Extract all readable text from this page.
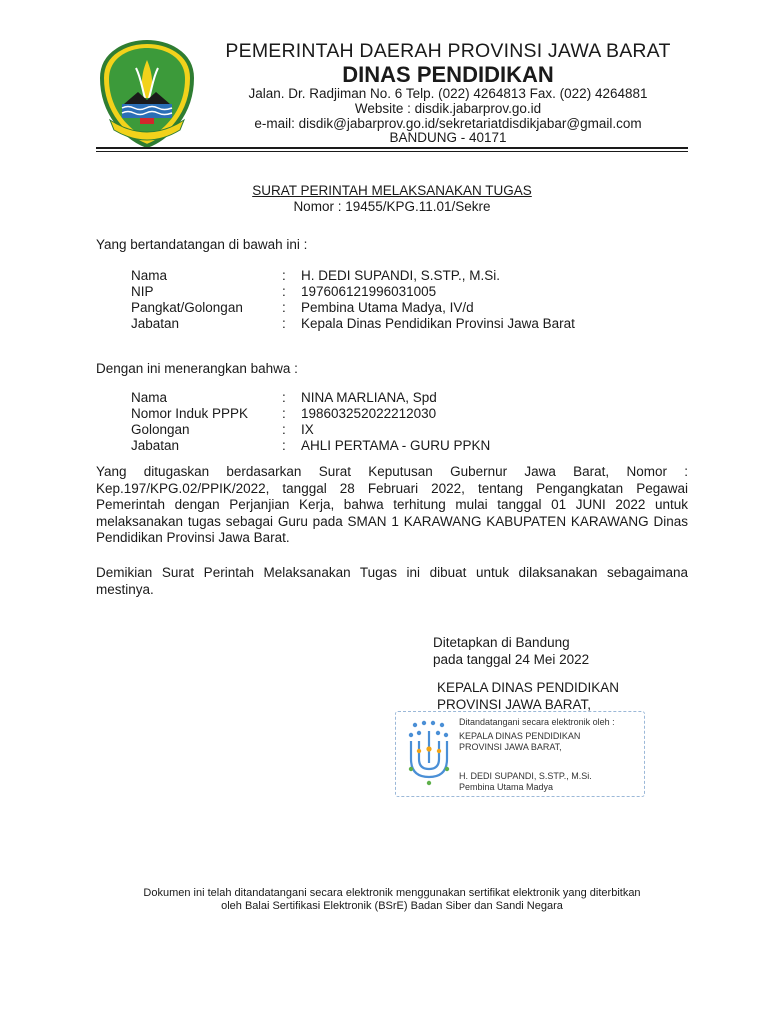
PEMERINTAH DAERAH PROVINSI JAWA BARAT
DINAS PENDIDIKAN
Jalan. Dr. Radjiman No. 6 Telp. (022) 4264813 Fax. (022) 4264881
Website : disdik.jabarprov.go.id
e-mail: disdik@jabarprov.go.id/sekretariatdisdikjabar@gmail.com
BANDUNG - 40171
SURAT PERINTAH MELAKSANAKAN TUGAS
Nomor : 19455/KPG.11.01/Sekre
Yang bertandatangan di bawah ini :
Nama	: H. DEDI SUPANDI, S.STP., M.Si.
NIP	: 197606121996031005
Pangkat/Golongan	: Pembina Utama Madya, IV/d
Jabatan	: Kepala Dinas Pendidikan Provinsi Jawa Barat
Dengan ini menerangkan bahwa :
Nama	: NINA MARLIANA, Spd
Nomor Induk PPPK	: 198603252022212030
Golongan	: IX
Jabatan	: AHLI PERTAMA - GURU PPKN
Yang ditugaskan berdasarkan Surat Keputusan Gubernur Jawa Barat, Nomor : Kep.197/KPG.02/PPIK/2022, tanggal 28 Februari 2022, tentang Pengangkatan Pegawai Pemerintah dengan Perjanjian Kerja, bahwa terhitung mulai tanggal 01 JUNI 2022 untuk melaksanakan tugas sebagai Guru pada SMAN 1 KARAWANG KABUPATEN KARAWANG Dinas Pendidikan Provinsi Jawa Barat.
Demikian Surat Perintah Melaksanakan Tugas ini dibuat untuk dilaksanakan sebagaimana mestinya.
Ditetapkan di Bandung
pada tanggal 24 Mei 2022
KEPALA DINAS PENDIDIKAN
PROVINSI JAWA BARAT,
Ditandatangani secara elektronik oleh :
KEPALA DINAS PENDIDIKAN
PROVINSI JAWA BARAT,
H. DEDI SUPANDI, S.STP., M.Si.
Pembina Utama Madya
Dokumen ini telah ditandatangani secara elektronik menggunakan sertifikat elektronik yang diterbitkan
oleh Balai Sertifikasi Elektronik (BSrE) Badan Siber dan Sandi Negara
